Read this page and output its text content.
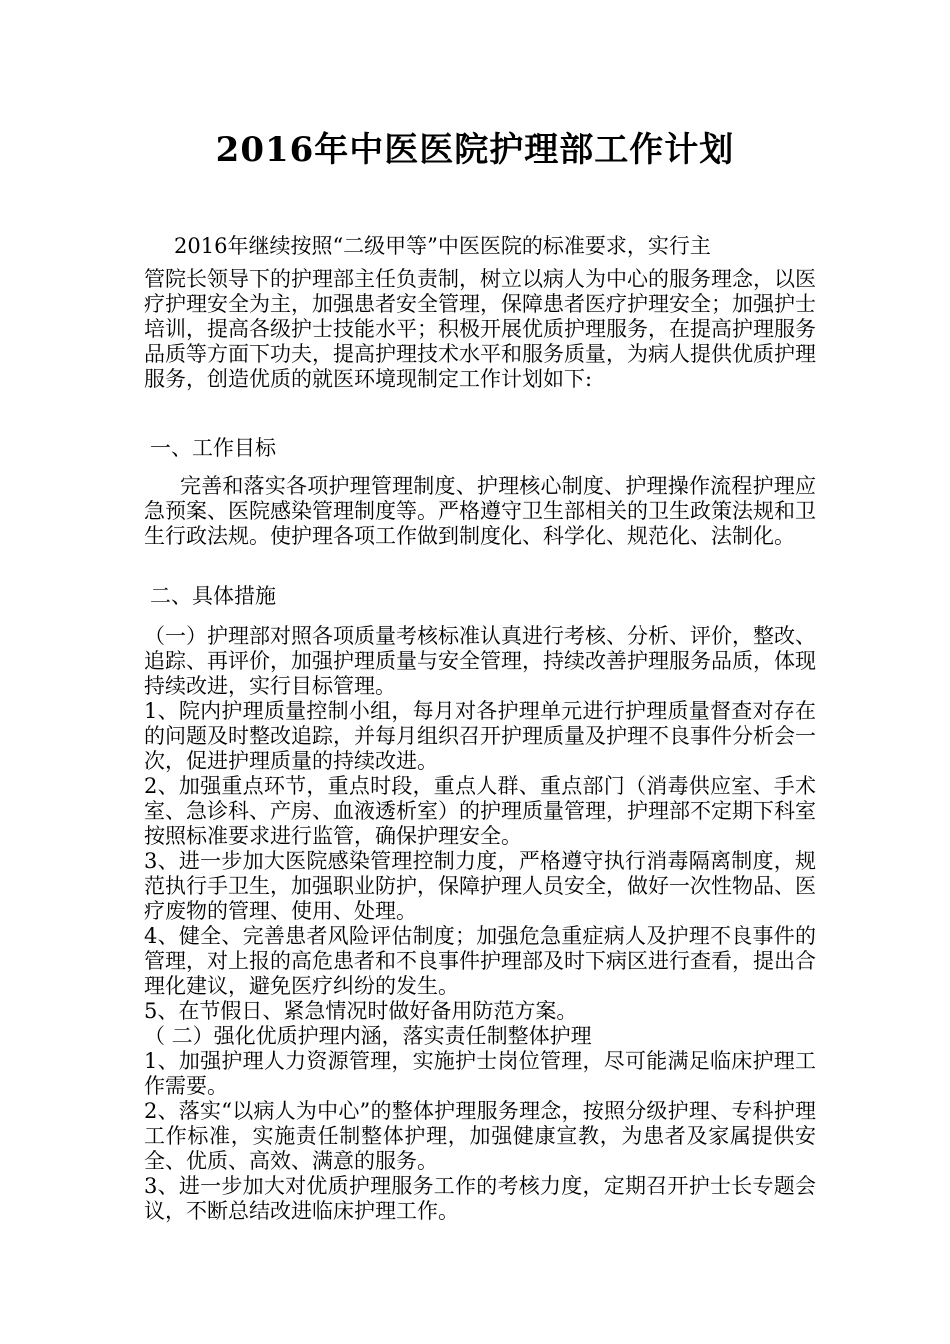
2016年中医医院护理部工作计划
2016年继续按照“二级甲等”中医医院的标准要求，实行主
管院长领导下的护理部主任负责制，树立以病人为中心的服务理念，以医疗护理安全为主，加强患者安全管理，保障患者医疗护理安全；加强护士培训，提高各级护士技能水平；积极开展优质护理服务，在提高护理服务品质等方面下功夫，提高护理技术水平和服务质量，为病人提供优质护理服务，创造优质的就医环境现制定工作计划如下:
一、工作目标
完善和落实各项护理管理制度、护理核心制度、护理操作流程护理应急预案、医院感染管理制度等。严格遵守卫生部相关的卫生政策法规和卫生行政法规。使护理各项工作做到制度化、科学化、规范化、法制化。
二、具体措施

（一）护理部对照各项质量考核标准认真进行考核、分析、评价，整改、追踪、再评价，加强护理质量与安全管理，持续改善护理服务品质，体现持续改进，实行目标管理。

1、院内护理质量控制小组，每月对各护理单元进行护理质量督查对存在的问题及时整改追踪，并每月组织召开护理质量及护理不良事件分析会一次，促进护理质量的持续改进。

2、加强重点环节，重点时段，重点人群、重点部门（消毒供应室、手术室、急诊科、产房、血液透析室）的护理质量管理，护理部不定期下科室按照标准要求进行监管，确保护理安全。

3、进一步加大医院感染管理控制力度，严格遵守执行消毒隔离制度，规范执行手卫生，加强职业防护，保障护理人员安全，做好一次性物品、医疗废物的管理、使用、处理。

4、健全、完善患者风险评估制度；加强危急重症病人及护理不良事件的管理，对上报的高危患者和不良事件护理部及时下病区进行查看，提出合理化建议，避免医疗纠纷的发生。

5、在节假日、紧急情况时做好备用防范方案。

（ 二）强化优质护理内涵，落实责任制整体护理

1、加强护理人力资源管理，实施护士岗位管理，尽可能满足临床护理工作需要。

2、落实“以病人为中心”的整体护理服务理念，按照分级护理、专科护理工作标准，实施责任制整体护理，加强健康宣教，为患者及家属提供安全、优质、高效、满意的服务。

3、进一步加大对优质护理服务工作的考核力度，定期召开护士长专题会议，不断总结改进临床护理工作。
